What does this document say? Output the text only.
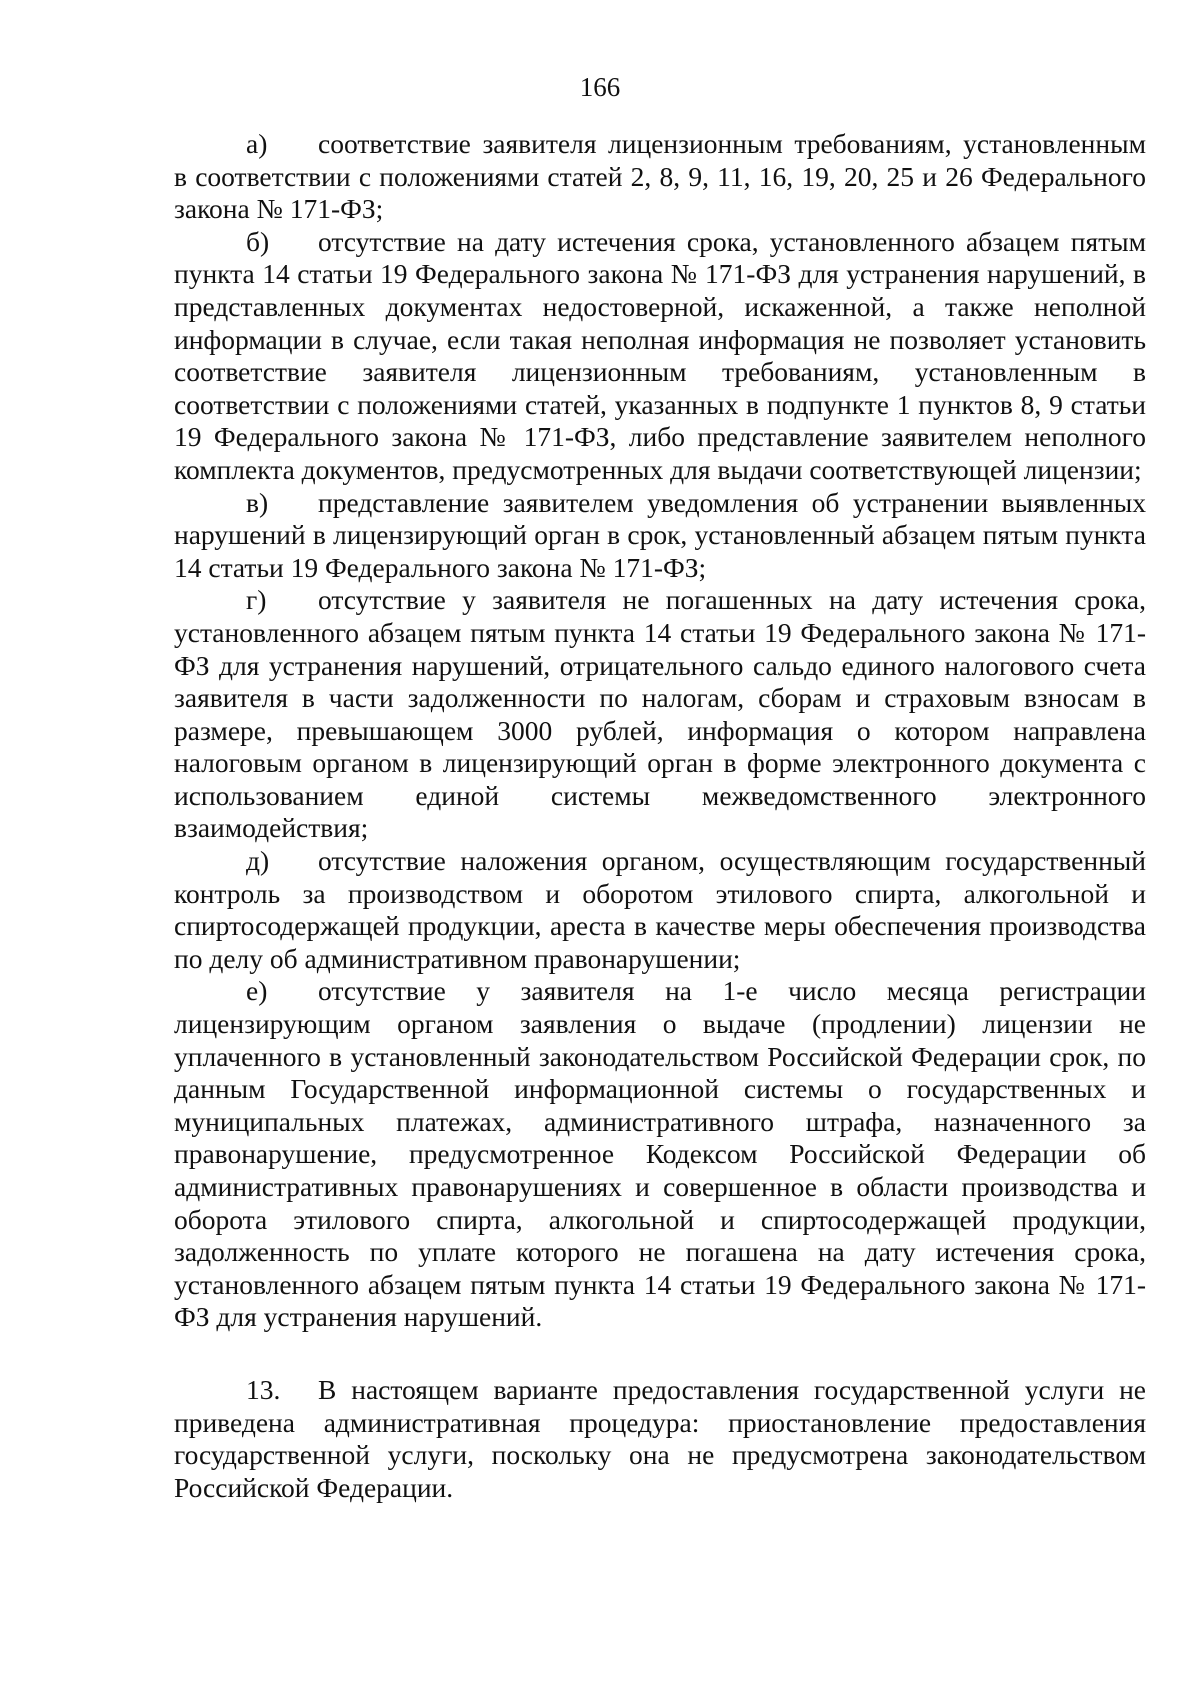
166

а) соответствие заявителя лицензионным требованиям, установленным в соответствии с положениями статей 2, 8, 9, 11, 16, 19, 20, 25 и 26 Федерального закона № 171-ФЗ;

б) отсутствие на дату истечения срока, установленного абзацем пятым пункта 14 статьи 19 Федерального закона № 171-ФЗ для устранения нарушений, в представленных документах недостоверной, искаженной, а также неполной информации в случае, если такая неполная информация не позволяет установить соответствие заявителя лицензионным требованиям, установленным в соответствии с положениями статей, указанных в подпункте 1 пунктов 8, 9 статьи 19 Федерального закона № 171-ФЗ, либо представление заявителем неполного комплекта документов, предусмотренных для выдачи соответствующей лицензии;

в) представление заявителем уведомления об устранении выявленных нарушений в лицензирующий орган в срок, установленный абзацем пятым пункта 14 статьи 19 Федерального закона № 171-ФЗ;

г) отсутствие у заявителя не погашенных на дату истечения срока, установленного абзацем пятым пункта 14 статьи 19 Федерального закона № 171-ФЗ для устранения нарушений, отрицательного сальдо единого налогового счета заявителя в части задолженности по налогам, сборам и страховым взносам в размере, превышающем 3000 рублей, информация о котором направлена налоговым органом в лицензирующий орган в форме электронного документа с использованием единой системы межведомственного электронного взаимодействия;

д) отсутствие наложения органом, осуществляющим государственный контроль за производством и оборотом этилового спирта, алкогольной и спиртосодержащей продукции, ареста в качестве меры обеспечения производства по делу об административном правонарушении;

е) отсутствие у заявителя на 1-е число месяца регистрации лицензирующим органом заявления о выдаче (продлении) лицензии не уплаченного в установленный законодательством Российской Федерации срок, по данным Государственной информационной системы о государственных и муниципальных платежах, административного штрафа, назначенного за правонарушение, предусмотренное Кодексом Российской Федерации об административных правонарушениях и совершенное в области производства и оборота этилового спирта, алкогольной и спиртосодержащей продукции, задолженность по уплате которого не погашена на дату истечения срока, установленного абзацем пятым пункта 14 статьи 19 Федерального закона № 171-ФЗ для устранения нарушений.

13. В настоящем варианте предоставления государственной услуги не приведена административная процедура: приостановление предоставления государственной услуги, поскольку она не предусмотрена законодательством Российской Федерации.
